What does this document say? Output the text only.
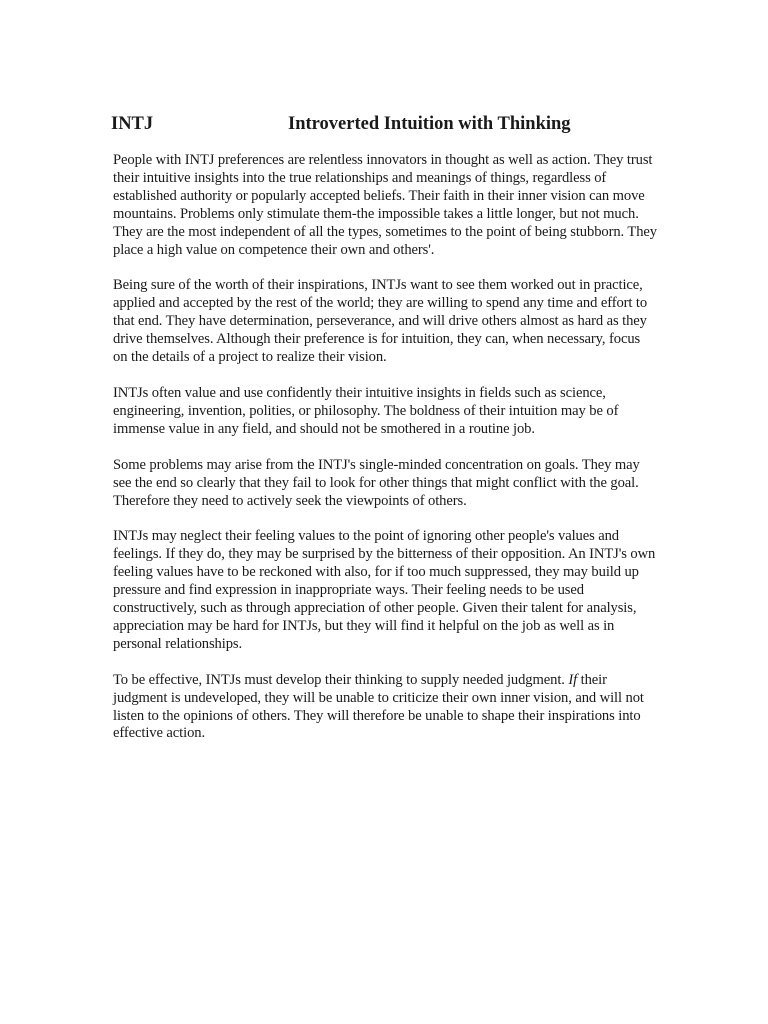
INTJ	Introverted Intuition with Thinking

People with INTJ preferences are relentless innovators in thought as well as action. They trust their intuitive insights into the true relationships and meanings of things, regardless of established authority or popularly accepted beliefs. Their faith in their inner vision can move mountains. Problems only stimulate them-the impossible takes a little longer, but not much. They are the most independent of all the types, sometimes to the point of being stubborn. They place a high value on competence their own and others'.

Being sure of the worth of their inspirations, INTJs want to see them worked out in practice, applied and accepted by the rest of the world; they are willing to spend any time and effort to that end. They have determination, perseverance, and will drive others almost as hard as they drive themselves. Although their preference is for intuition, they can, when necessary, focus on the details of a project to realize their vision.

INTJs often value and use confidently their intuitive insights in fields such as science, engineering, invention, polities, or philosophy. The boldness of their intuition may be of immense value in any field, and should not be smothered in a routine job.

Some problems may arise from the INTJ's single-minded concentration on goals. They may see the end so clearly that they fail to look for other things that might conflict with the goal. Therefore they need to actively seek the viewpoints of others.

INTJs may neglect their feeling values to the point of ignoring other people's values and feelings. If they do, they may be surprised by the bitterness of their opposition. An INTJ's own feeling values have to be reckoned with also, for if too much suppressed, they may build up pressure and find expression in inappropriate ways. Their feeling needs to be used constructively, such as through appreciation of other people. Given their talent for analysis, appreciation may be hard for INTJs, but they will find it helpful on the job as well as in personal relationships.

To be effective, INTJs must develop their thinking to supply needed judgment. If their judgment is undeveloped, they will be unable to criticize their own inner vision, and will not listen to the opinions of others. They will therefore be unable to shape their inspirations into effective action.
